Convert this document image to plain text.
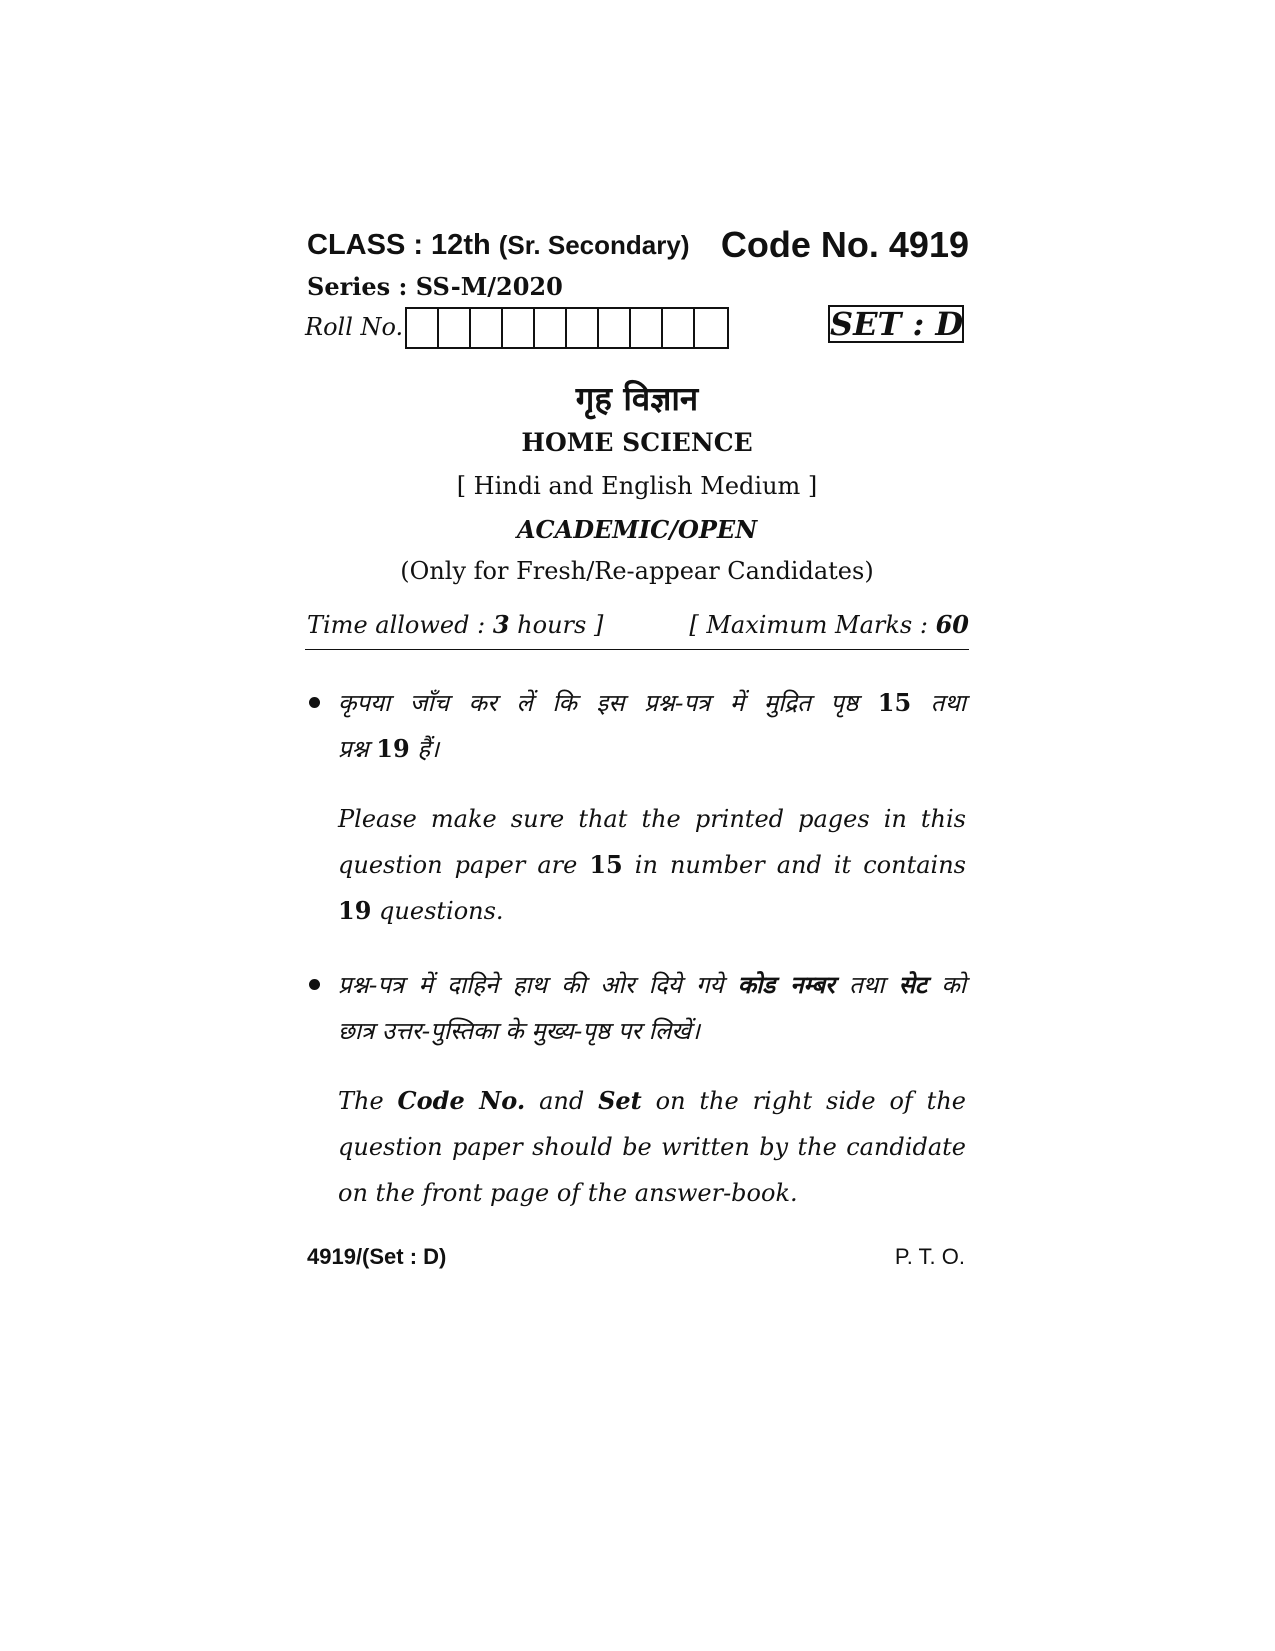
CLASS : 12th (Sr. Secondary) Code No. 4919
Series : SS-M/2020
Roll No.	SET : D
गृह विज्ञान
HOME SCIENCE
[ Hindi and English Medium ]
ACADEMIC/OPEN
(Only for Fresh/Re-appear Candidates)
Time allowed : 3 hours ]	[ Maximum Marks : 60
कृपया जाँच कर लें कि इस प्रश्न-पत्र में मुद्रित पृष्ठ 15 तथा
प्रश्न 19 हैं।
Please make sure that the printed pages in this
question paper are 15 in number and it contains
19 questions.
प्रश्न-पत्र में दाहिने हाथ की ओर दिये गये कोड नम्बर तथा सेट को
छात्र उत्तर-पुस्तिका के मुख्य-पृष्ठ पर लिखें।
The Code No. and Set on the right side of the
question paper should be written by the candidate
on the front page of the answer-book.
4919/(Set : D)	P. T. O.
